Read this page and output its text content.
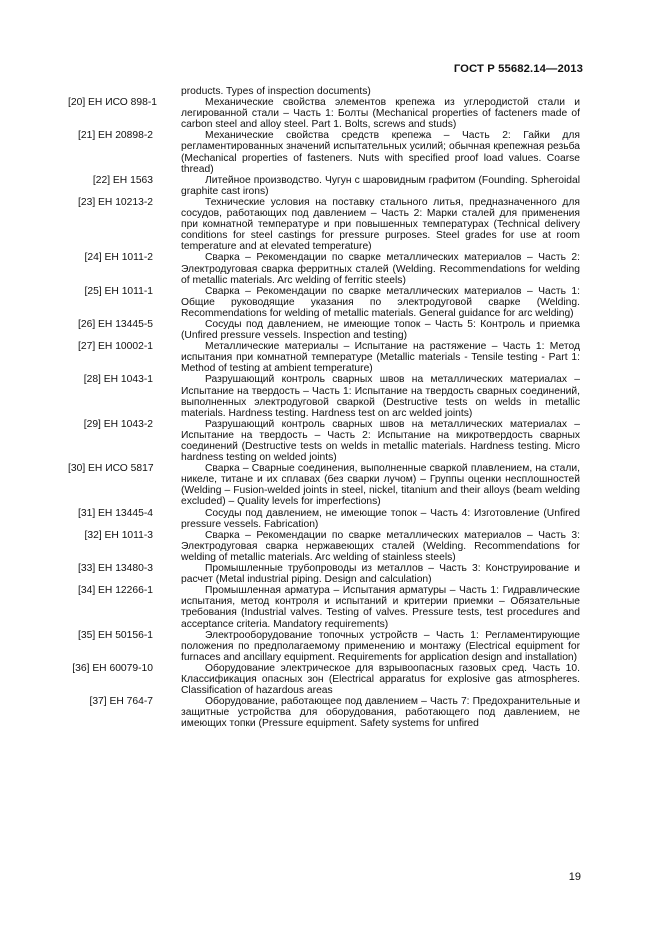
ГОСТ Р 55682.14—2013
products. Types of inspection documents)
[20] ЕН ИСО 898-1	Механические свойства элементов крепежа из углеродистой стали и легированной стали – Часть 1: Болты (Mechanical properties of facteners made of carbon steel and alloy steel. Part 1. Bolts, screws and studs)
[21] ЕН 20898-2	Механические свойства средств крепежа – Часть 2: Гайки для регламентированных значений испытательных усилий; обычная крепежная резьба (Mechanical properties of fasteners. Nuts with specified proof load values. Coarse thread)
[22] ЕН 1563	Литейное производство. Чугун с шаровидным графитом (Founding. Spheroidal graphite cast irons)
[23] ЕН 10213-2	Технические условия на поставку стального литья, предназначенного для сосудов, работающих под давлением – Часть 2: Марки сталей для применения при комнатной температуре и при повышенных температурах (Technical delivery conditions for steel castings for pressure purposes. Steel grades for use at room temperature and at elevated temperature)
[24] ЕН 1011-2	Сварка – Рекомендации по сварке металлических материалов – Часть 2: Электродуговая сварка ферритных сталей (Welding. Recommendations for welding of metallic materials. Arc welding of ferritic steels)
[25] ЕН 1011-1	Сварка – Рекомендации по сварке металлических материалов – Часть 1: Общие руководящие указания по электродуговой сварке (Welding. Recommendations for welding of metallic materials. General guidance for arc welding)
[26] ЕН 13445-5	Сосуды под давлением, не имеющие топок – Часть 5: Контроль и приемка (Unfired pressure vessels. Inspection and testing)
[27] ЕН 10002-1	Металлические материалы – Испытание на растяжение – Часть 1: Метод испытания при комнатной температуре (Metallic materials - Tensile testing - Part 1: Method of testing at ambient temperature)
[28] ЕН 1043-1	Разрушающий контроль сварных швов на металлических материалах – Испытание на твердость – Часть 1: Испытание на твердость сварных соединений, выполненных электродуговой сваркой (Destructive tests on welds in metallic materials. Hardness testing. Hardness test on arc welded joints)
[29] ЕН 1043-2	Разрушающий контроль сварных швов на металлических материалах – Испытание на твердость – Часть 2: Испытание на микротвердость сварных соединений (Destructive tests on welds in metallic materials. Hardness testing. Micro hardness testing on welded joints)
[30] ЕН ИСО 5817	Сварка – Сварные соединения, выполненные сваркой плавлением, на стали, никеле, титане и их сплавах (без сварки лучом) – Группы оценки несплошностей (Welding – Fusion-welded joints in steel, nickel, titanium and their alloys (beam welding excluded) – Quality levels for imperfections)
[31] ЕН 13445-4	Сосуды под давлением, не имеющие топок – Часть 4: Изготовление (Unfired pressure vessels. Fabrication)
[32] ЕН 1011-3	Сварка – Рекомендации по сварке металлических материалов – Часть 3: Электродуговая сварка нержавеющих сталей (Welding. Recommendations for welding of metallic materials. Arc welding of stainless steels)
[33] ЕН 13480-3	Промышленные трубопроводы из металлов – Часть 3: Конструирование и расчет (Metal industrial piping. Design and calculation)
[34] ЕН 12266-1	Промышленная арматура – Испытания арматуры – Часть 1: Гидравлические испытания, метод контроля и испытаний и критерии приемки – Обязательные требования (Industrial valves. Testing of valves. Pressure tests, test procedures and acceptance criteria. Mandatory requirements)
[35] ЕН 50156-1	Электрооборудование топочных устройств – Часть 1: Регламентирующие положения по предполагаемому применению и монтажу (Electrical equipment for furnaces and ancillary equipment. Requirements for application design and installation)
[36] ЕН 60079-10	Оборудование электрическое для взрывоопасных газовых сред. Часть 10. Классификация опасных зон (Electrical apparatus for explosive gas atmospheres. Classification of hazardous areas
[37] ЕН 764-7	Оборудование, работающее под давлением – Часть 7: Предохранительные и защитные устройства для оборудования, работающего под давлением, не имеющих топки (Pressure equipment. Safety systems for unfired
19
